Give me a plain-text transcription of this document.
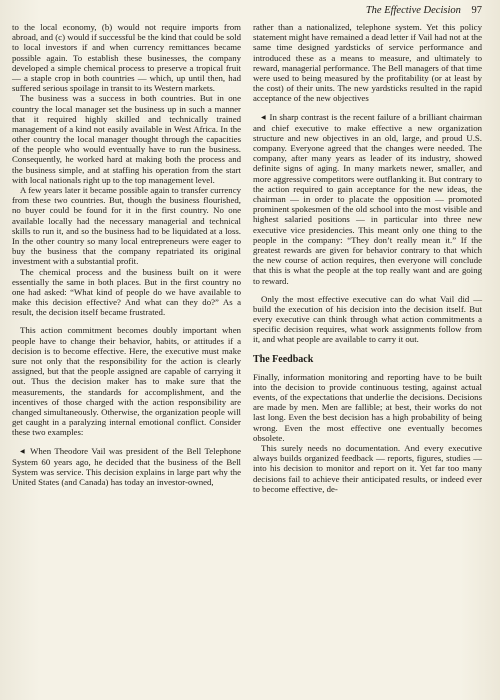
The Effective Decision 97

to the local economy, (b) would not require imports from abroad, and (c) would if successful be the kind that could be sold to local investors if and when currency remittances became possible again. To establish these businesses, the company developed a simple chemical process to preserve a tropical fruit — a staple crop in both countries — which, up until then, had suffered serious spoilage in transit to its Western markets.

The business was a success in both countries. But in one country the local manager set the business up in such a manner that it required highly skilled and technically trained management of a kind not easily available in West Africa. In the other country the local manager thought through the capacities of the people who would eventually have to run the business. Consequently, he worked hard at making both the process and the business simple, and at staffing his operation from the start with local nationals right up to the top management level.

A few years later it became possible again to transfer currency from these two countries. But, though the business flourished, no buyer could be found for it in the first country. No one available locally had the necessary managerial and technical skills to run it, and so the business had to be liquidated at a loss. In the other country so many local entrepreneurs were eager to buy the business that the company repatriated its original investment with a substantial profit.

The chemical process and the business built on it were essentially the same in both places. But in the first country no one had asked: “What kind of people do we have available to make this decision effective? And what can they do?” As a result, the decision itself became frustrated.

This action commitment becomes doubly important when people have to change their behavior, habits, or attitudes if a decision is to become effective. Here, the executive must make sure not only that the responsibility for the action is clearly assigned, but that the people assigned are capable of carrying it out. Thus the decision maker has to make sure that the measurements, the standards for accomplishment, and the incentives of those charged with the action responsibility are changed simultaneously. Otherwise, the organization people will get caught in a paralyzing internal emotional conflict. Consider these two examples:

◀ When Theodore Vail was president of the Bell Telephone System 60 years ago, he decided that the business of the Bell System was service. This decision explains in large part why the United States (and Canada) has today an investor-owned,

rather than a nationalized, telephone system. Yet this policy statement might have remained a dead letter if Vail had not at the same time designed yardsticks of service performance and introduced these as a means to measure, and ultimately to reward, managerial performance. The Bell managers of that time were used to being measured by the profitability (or at least by the cost) of their units. The new yardsticks resulted in the rapid acceptance of the new objectives

◀ In sharp contrast is the recent failure of a brilliant chairman and chief executive to make effective a new organization structure and new objectives in an old, large, and proud U.S. company. Everyone agreed that the changes were needed. The company, after many years as leader of its industry, showed definite signs of aging. In many markets newer, smaller, and more aggressive competitors were outflanking it. But contrary to the action required to gain acceptance for the new ideas, the chairman — in order to placate the opposition — promoted prominent spokesmen of the old school into the most visible and highest salaried positions — in particular into three new executive vice presidencies. This meant only one thing to the people in the company: “They don’t really mean it.” If the greatest rewards are given for behavior contrary to that which the new course of action requires, then everyone will conclude that this is what the people at the top really want and are going to reward.

Only the most effective executive can do what Vail did — build the execution of his decision into the decision itself. But every executive can think through what action commitments a specific decision requires, what work assignments follow from it, and what people are available to carry it out.

The Feedback

Finally, information monitoring and reporting have to be built into the decision to provide continuous testing, against actual events, of the expectations that underlie the decisions. Decisions are made by men. Men are fallible; at best, their works do not last long. Even the best decision has a high probability of being wrong. Even the most effective one eventually becomes obsolete.

This surely needs no documentation. And every executive always builds organized feedback — reports, figures, studies — into his decision to monitor and report on it. Yet far too many decisions fail to achieve their anticipated results, or indeed ever to become effective, de-
